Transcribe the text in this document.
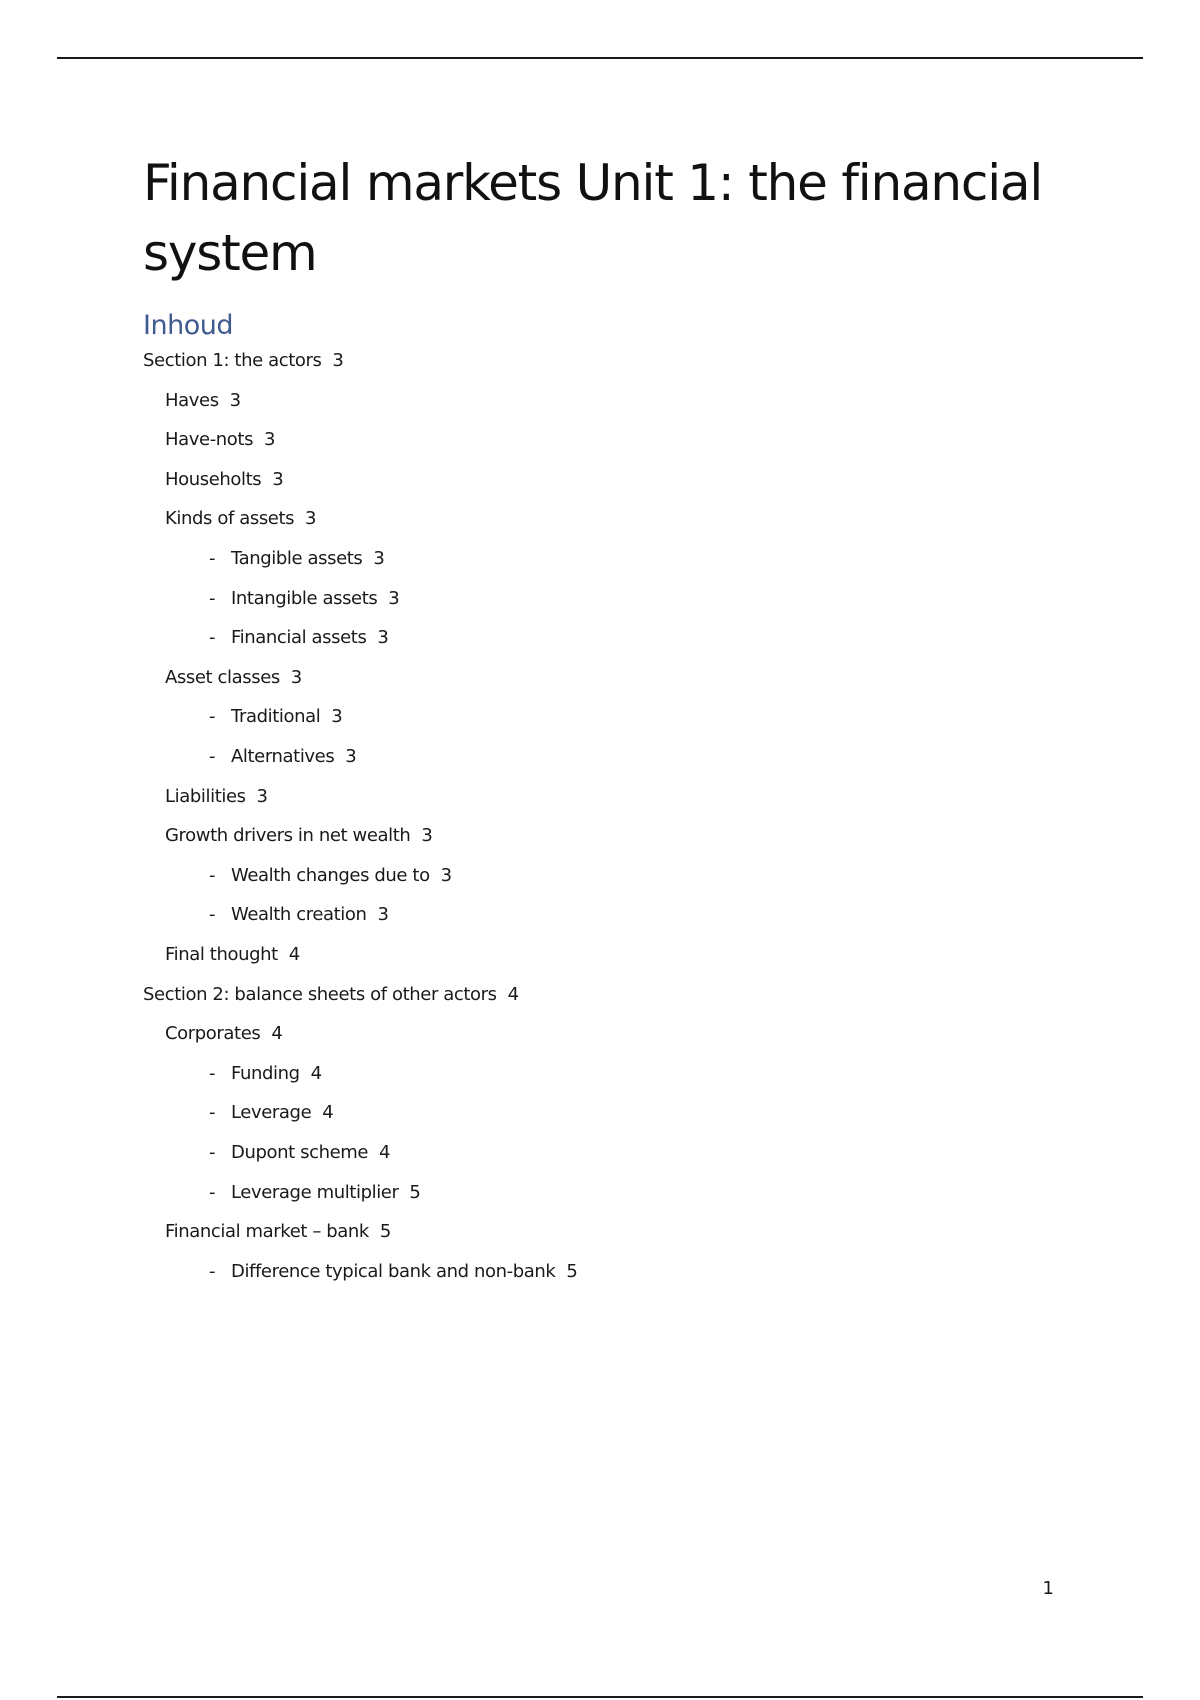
Financial markets Unit 1: the financial system
Inhoud
Section 1: the actors 3
Haves 3
Have-nots 3
Householts 3
Kinds of assets 3
- Tangible assets 3
- Intangible assets 3
- Financial assets 3
Asset classes 3
- Traditional 3
- Alternatives 3
Liabilities 3
Growth drivers in net wealth 3
- Wealth changes due to 3
- Wealth creation 3
Final thought 4
Section 2: balance sheets of other actors 4
Corporates 4
- Funding 4
- Leverage 4
- Dupont scheme 4
- Leverage multiplier 5
Financial market – bank 5
- Difference typical bank and non-bank 5
1
